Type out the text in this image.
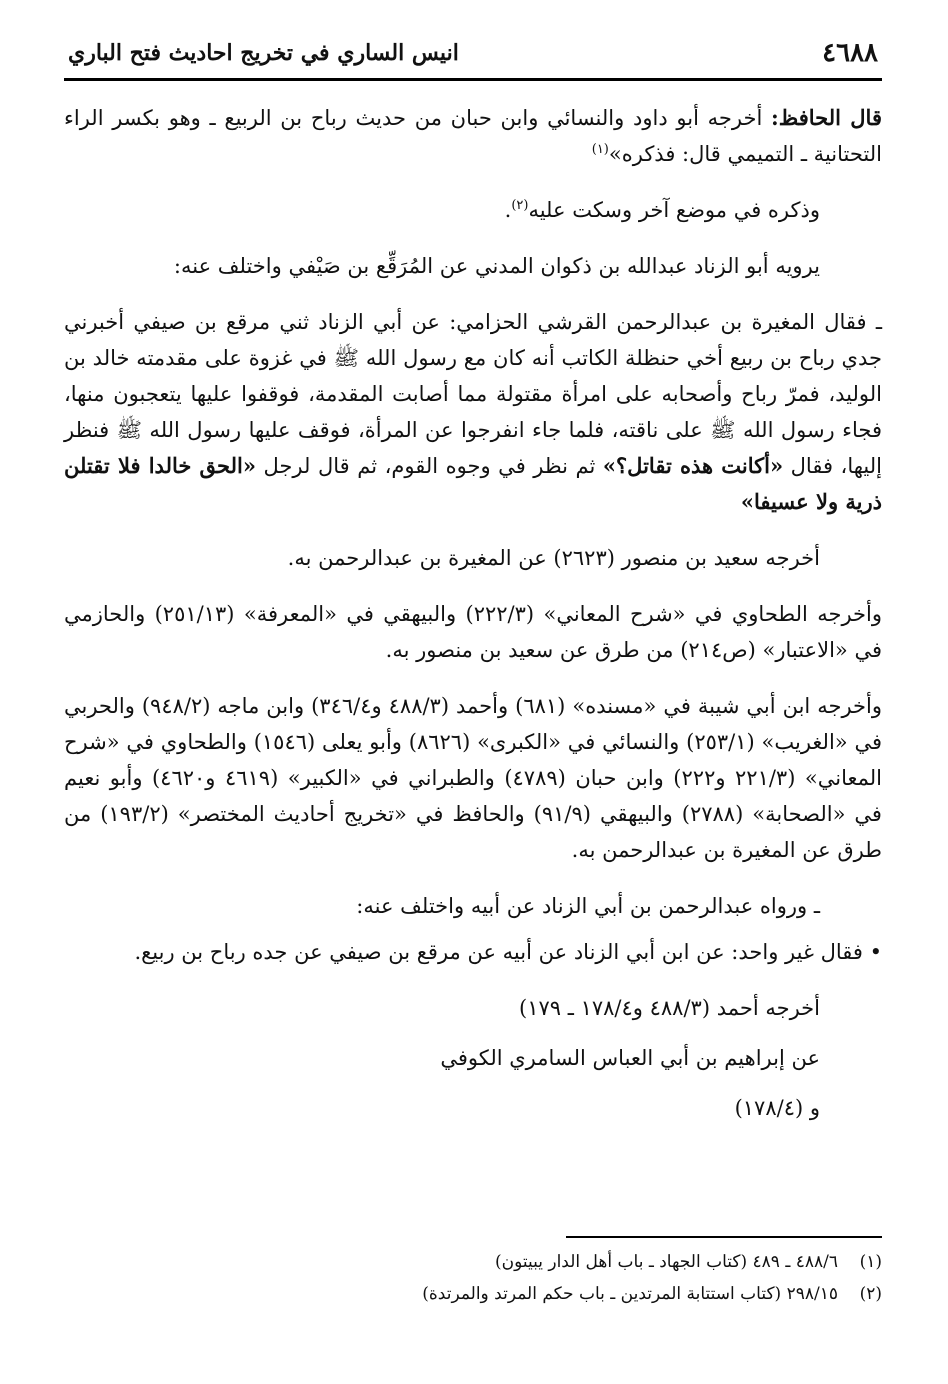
٤٦٨٨
انيس الساري في تخريج احاديث فتح الباري

قال الحافظ: أخرجه أبو داود والنسائي وابن حبان من حديث رباح بن الربيع ـ وهو بكسر الراء التحتانية ـ التميمي قال: فذكره»$^{(١)}$

وذكره في موضع آخر وسكت عليه$^{(٢)}$.

يرويه أبو الزناد عبدالله بن ذكوان المدني عن المُرَقِّع بن صَيْفي واختلف عنه:

ـ فقال المغيرة بن عبدالرحمن القرشي الحزامي: عن أبي الزناد ثني مرقع بن صيفي أخبرني جدي رباح بن ربيع أخي حنظلة الكاتب أنه كان مع رسول الله ﷺ في غزوة على مقدمته خالد بن الوليد، فمرّ رباح وأصحابه على امرأة مقتولة مما أصابت المقدمة، فوقفوا عليها يتعجبون منها، فجاء رسول الله ﷺ على ناقته، فلما جاء انفرجوا عن المرأة، فوقف عليها رسول الله ﷺ فنظر إليها، فقال «أكانت هذه تقاتل؟» ثم نظر في وجوه القوم، ثم قال لرجل «الحق خالدا فلا تقتلن ذرية ولا عسيفا»

أخرجه سعيد بن منصور (٢٦٢٣) عن المغيرة بن عبدالرحمن به.

وأخرجه الطحاوي في «شرح المعاني» (٢٢٢/٣) والبيهقي في «المعرفة» (٢٥١/١٣) والحازمي في «الاعتبار» (ص٢١٤) من طرق عن سعيد بن منصور به.

وأخرجه ابن أبي شيبة في «مسنده» (٦٨١) وأحمد (٤٨٨/٣ و٣٤٦/٤) وابن ماجه (٩٤٨/٢) والحربي في «الغريب» (٢٥٣/١) والنسائي في «الكبرى» (٨٦٢٦) وأبو يعلى (١٥٤٦) والطحاوي في «شرح المعاني» (٢٢١/٣ و٢٢٢) وابن حبان (٤٧٨٩) والطبراني في «الكبير» (٤٦١٩ و٤٦٢٠) وأبو نعيم في «الصحابة» (٢٧٨٨) والبيهقي (٩١/٩) والحافظ في «تخريج أحاديث المختصر» (١٩٣/٢) من طرق عن المغيرة بن عبدالرحمن به.

ـ ورواه عبدالرحمن بن أبي الزناد عن أبيه واختلف عنه:

• فقال غير واحد: عن ابن أبي الزناد عن أبيه عن مرقع بن صيفي عن جده رباح بن ربيع.

أخرجه أحمد (٤٨٨/٣ و١٧٨/٤ ـ ١٧٩)

عن إبراهيم بن أبي العباس السامري الكوفي

و (١٧٨/٤)

(١)٤٨٨/٦ ـ ٤٨٩ (كتاب الجهاد ـ باب أهل الدار يبيتون)
(٢)٢٩٨/١٥ (كتاب استتابة المرتدين ـ باب حكم المرتد والمرتدة)
